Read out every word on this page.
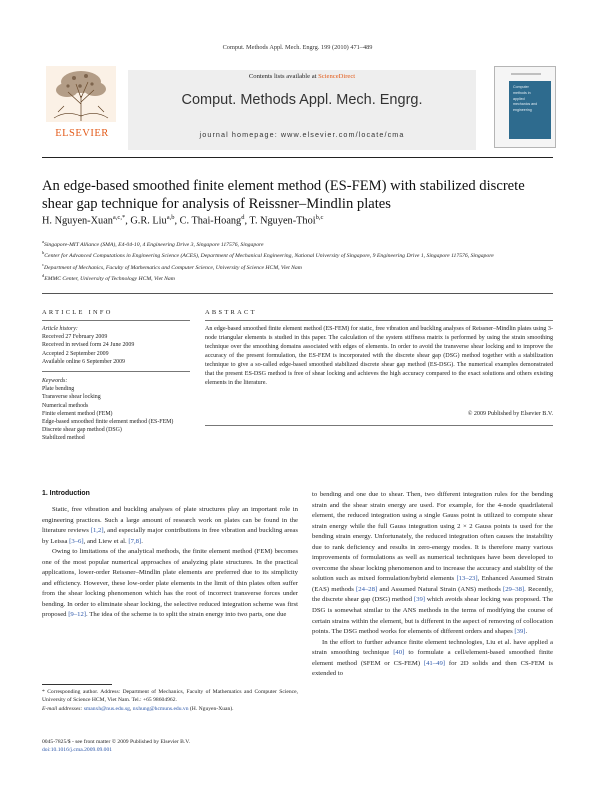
Comput. Methods Appl. Mech. Engrg. 199 (2010) 471–489
ELSEVIER
Contents lists available at ScienceDirect
Comput. Methods Appl. Mech. Engrg.
journal homepage: www.elsevier.com/locate/cma
Computer
methods in
applied
mechanics and
engineering
An edge-based smoothed finite element method (ES-FEM) with stabilized discrete shear gap technique for analysis of Reissner–Mindlin plates
H. Nguyen-Xuan$^{a,c,*}$, G.R. Liu$^{a,b}$, C. Thai-Hoang$^d$, T. Nguyen-Thoi$^{b,c}$
$^a$Singapore-MIT Alliance (SMA), E4-04-10, 4 Engineering Drive 3, Singapore 117576, Singapore
$^b$Center for Advanced Computations in Engineering Science (ACES), Department of Mechanical Engineering, National University of Singapore, 9 Engineering Drive 1, Singapore 117576, Singapore
$^c$Department of Mechanics, Faculty of Mathematics and Computer Science, University of Science HCM, Viet Nam
$^d$EMMC Center, University of Technology HCM, Viet Nam
ARTICLE INFO
Article history:
Received 27 February 2009
Received in revised form 24 June 2009
Accepted 2 September 2009
Available online 6 September 2009
Keywords:
Plate bending
Transverse shear locking
Numerical methods
Finite element method (FEM)
Edge-based smoothed finite element method (ES-FEM)
Discrete shear gap method (DSG)
Stabilized method
ABSTRACT
An edge-based smoothed finite element method (ES-FEM) for static, free vibration and buckling analyses of Reissner–Mindlin plates using 3-node triangular elements is studied in this paper. The calculation of the system stiffness matrix is performed by using the strain smoothing technique over the smoothing domains associated with edges of elements. In order to avoid the transverse shear locking and to improve the accuracy of the present formulation, the ES-FEM is incorporated with the discrete shear gap (DSG) method together with a stabilization technique to give a so-called edge-based smoothed stabilized discrete shear gap method (ES-DSG). The numerical examples demonstrated that the present ES-DSG method is free of shear locking and achieves the high accuracy compared to the exact solutions and others existing elements in the literature.
© 2009 Published by Elsevier B.V.
1. Introduction

Static, free vibration and buckling analyses of plate structures play an important role in engineering practices. Such a large amount of research work on plates can be found in the literature reviews [1,2], and especially major contributions in free vibration and buckling areas by Leissa [3–6], and Liew et al. [7,8].

Owing to limitations of the analytical methods, the finite element method (FEM) becomes one of the most popular numerical approaches of analyzing plate structures. In the practical applications, lower-order Reissner–Mindlin plate elements are preferred due to its simplicity and efficiency. However, these low-order plate elements in the limit of thin plates often suffer from the shear locking phenomenon which has the root of incorrect transverse forces under bending. In order to eliminate shear locking, the selective reduced integration scheme was first proposed [9–12]. The idea of the scheme is to split the strain energy into two parts, one due

to bending and one due to shear. Then, two different integration rules for the bending strain and the shear strain energy are used. For example, for the 4-node quadrilateral element, the reduced integration using a single Gauss point is utilized to compute shear strain energy while the full Gauss integration using 2 × 2 Gauss points is used for the bending strain energy. Unfortunately, the reduced integration often causes the instability due to rank deficiency and results in zero-energy modes. It is therefore many various improvements of formulations as well as numerical techniques have been developed to overcome the shear locking phenomenon and to increase the accuracy and stability of the solution such as mixed formulation/hybrid elements [13–23], Enhanced Assumed Strain (EAS) methods [24–28] and Assumed Natural Strain (ANS) methods [29–38]. Recently, the discrete shear gap (DSG) method [39] which avoids shear locking was proposed. The DSG is somewhat similar to the ANS methods in the terms of modifying the course of certain strains within the element, but is different in the aspect of removing of collocation points. The DSG method works for elements of different orders and shapes [39].

In the effort to further advance finite element technologies, Liu et al. have applied a strain smoothing technique [40] to formulate a cell/element-based smoothed finite element method (SFEM or CS-FEM) [41–49] for 2D solids and then CS-FEM is extended to

* Corresponding author. Address: Department of Mechanics, Faculty of Mathematics and Computer Science, University of Science HCM, Viet Nam. Tel.: +65 98604962.
E-mail addresses: smanxh@nus.edu.sg, nxhung@hcmuns.edu.vn (H. Nguyen-Xuan).
0045-7825/$ - see front matter © 2009 Published by Elsevier B.V.
doi:10.1016/j.cma.2009.09.001
